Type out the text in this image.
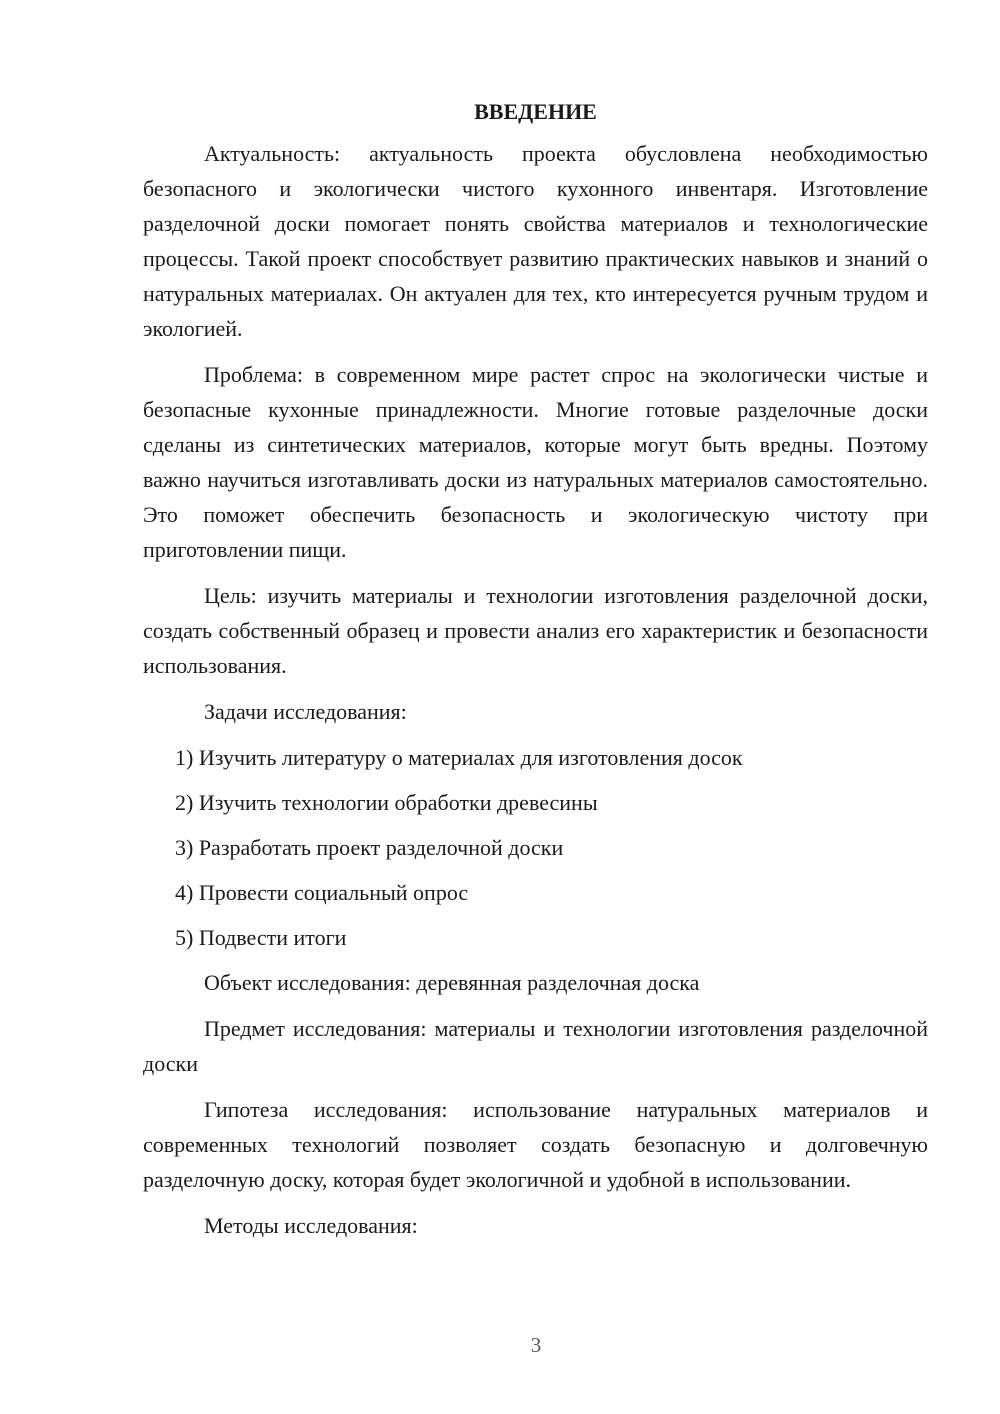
ВВЕДЕНИЕ

Актуальность: актуальность проекта обусловлена необходимостью безопасного и экологически чистого кухонного инвентаря. Изготовление разделочной доски помогает понять свойства материалов и технологические процессы. Такой проект способствует развитию практических навыков и знаний о натуральных материалах. Он актуален для тех, кто интересуется ручным трудом и экологией.

Проблема: в современном мире растет спрос на экологически чистые и безопасные кухонные принадлежности. Многие готовые разделочные доски сделаны из синтетических материалов, которые могут быть вредны. Поэтому важно научиться изготавливать доски из натуральных материалов самостоятельно. Это поможет обеспечить безопасность и экологическую чистоту при приготовлении пищи.

Цель: изучить материалы и технологии изготовления разделочной доски, создать собственный образец и провести анализ его характеристик и безопасности использования.

Задачи исследования:

1) Изучить литературу о материалах для изготовления досок
2) Изучить технологии обработки древесины
3) Разработать проект разделочной доски
4) Провести социальный опрос
5) Подвести итоги

Объект исследования: деревянная разделочная доска

Предмет исследования: материалы и технологии изготовления разделочной доски

Гипотеза исследования: использование натуральных материалов и современных технологий позволяет создать безопасную и долговечную разделочную доску, которая будет экологичной и удобной в использовании.

Методы исследования:

3
